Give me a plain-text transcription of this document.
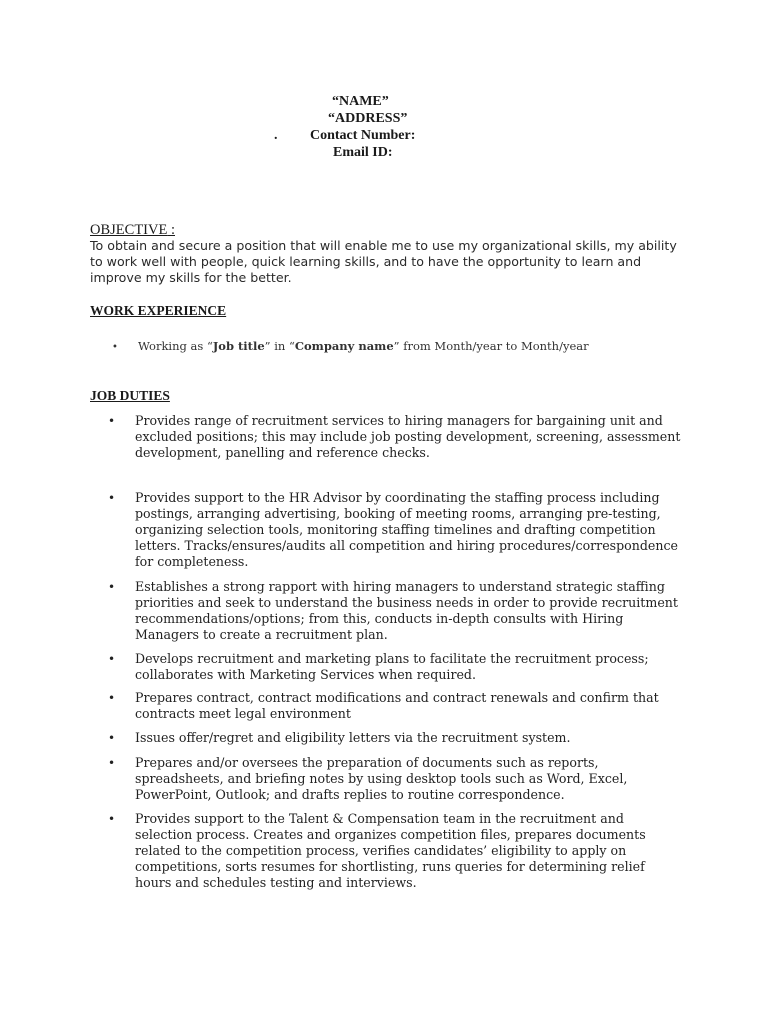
“NAME”
“ADDRESS”
. Contact Number:
Email ID:
OBJECTIVE :
To obtain and secure a position that will enable me to use my organizational skills, my ability to work well with people, quick learning skills, and to have the opportunity to learn and improve my skills for the better.
WORK EXPERIENCE
• Working as “Job title” in “Company name” from Month/year to Month/year
JOB DUTIES
•	Provides range of recruitment services to hiring managers for bargaining unit and excluded positions; this may include job posting development, screening, assessment development, panelling and reference checks.
•	Provides support to the HR Advisor by coordinating the staffing process including postings, arranging advertising, booking of meeting rooms, arranging pre-testing, organizing selection tools, monitoring staffing timelines and drafting competition letters. Tracks/ensures/audits all competition and hiring procedures/correspondence for completeness.
•	Establishes a strong rapport with hiring managers to understand strategic staffing priorities and seek to understand the business needs in order to provide recruitment recommendations/options; from this, conducts in-depth consults with Hiring Managers to create a recruitment plan.
•	Develops recruitment and marketing plans to facilitate the recruitment process; collaborates with Marketing Services when required.
•	Prepares contract, contract modifications and contract renewals and confirm that contracts meet legal environment
•	Issues offer/regret and eligibility letters via the recruitment system.
•	Prepares and/or oversees the preparation of documents such as reports, spreadsheets, and briefing notes by using desktop tools such as Word, Excel, PowerPoint, Outlook; and drafts replies to routine correspondence.
•	Provides support to the Talent & Compensation team in the recruitment and selection process. Creates and organizes competition files, prepares documents related to the competition process, verifies candidates’ eligibility to apply on competitions, sorts resumes for shortlisting, runs queries for determining relief hours and schedules testing and interviews.
